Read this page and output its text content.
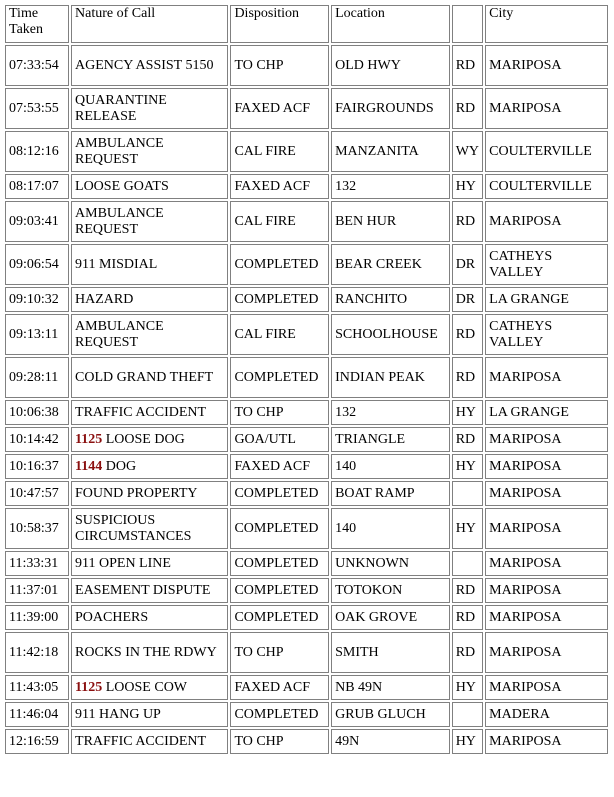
Time Taken	Nature of Call	Disposition	Location		City
07:33:54	AGENCY ASSIST 5150	TO CHP	OLD HWY	RD	MARIPOSA
07:53:55	QUARANTINE RELEASE	FAXED ACF	FAIRGROUNDS	RD	MARIPOSA
08:12:16	AMBULANCE REQUEST	CAL FIRE	MANZANITA	WY	COULTERVILLE
08:17:07	LOOSE GOATS	FAXED ACF	132	HY	COULTERVILLE
09:03:41	AMBULANCE REQUEST	CAL FIRE	BEN HUR	RD	MARIPOSA
09:06:54	911 MISDIAL	COMPLETED	BEAR CREEK	DR	CATHEYS VALLEY
09:10:32	HAZARD	COMPLETED	RANCHITO	DR	LA GRANGE
09:13:11	AMBULANCE REQUEST	CAL FIRE	SCHOOLHOUSE	RD	CATHEYS VALLEY
09:28:11	COLD GRAND THEFT	COMPLETED	INDIAN PEAK	RD	MARIPOSA
10:06:38	TRAFFIC ACCIDENT	TO CHP	132	HY	LA GRANGE
10:14:42	1125 LOOSE DOG	GOA/UTL	TRIANGLE	RD	MARIPOSA
10:16:37	1144 DOG	FAXED ACF	140	HY	MARIPOSA
10:47:57	FOUND PROPERTY	COMPLETED	BOAT RAMP		MARIPOSA
10:58:37	SUSPICIOUS CIRCUMSTANCES	COMPLETED	140	HY	MARIPOSA
11:33:31	911 OPEN LINE	COMPLETED	UNKNOWN		MARIPOSA
11:37:01	EASEMENT DISPUTE	COMPLETED	TOTOKON	RD	MARIPOSA
11:39:00	POACHERS	COMPLETED	OAK GROVE	RD	MARIPOSA
11:42:18	ROCKS IN THE RDWY	TO CHP	SMITH	RD	MARIPOSA
11:43:05	1125 LOOSE COW	FAXED ACF	NB 49N	HY	MARIPOSA
11:46:04	911 HANG UP	COMPLETED	GRUB GLUCH		MADERA
12:16:59	TRAFFIC ACCIDENT	TO CHP	49N	HY	MARIPOSA
